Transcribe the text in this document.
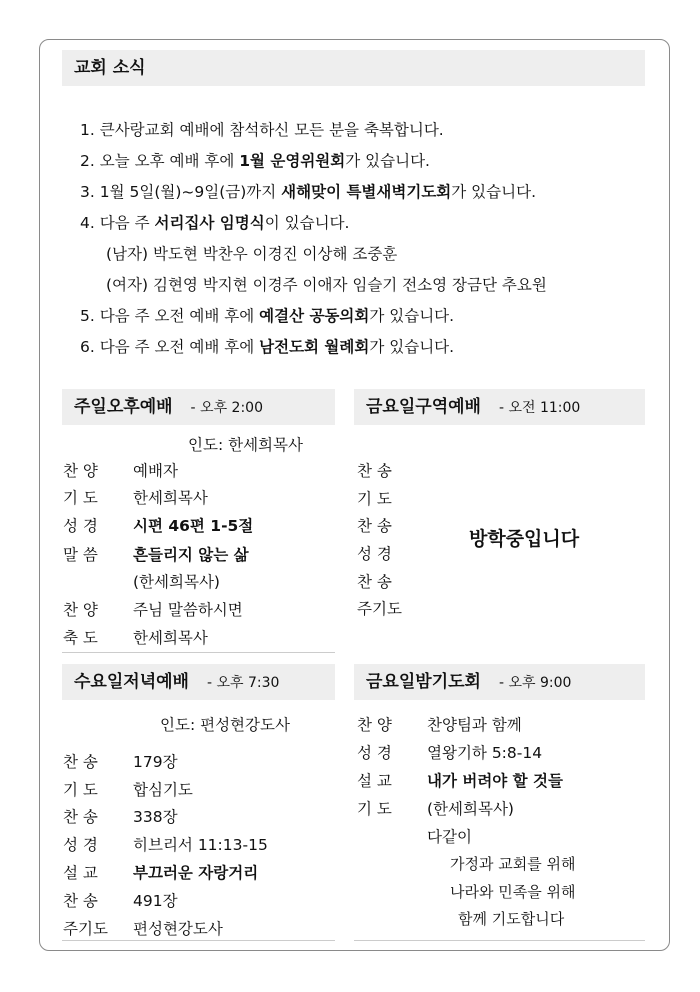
교회 소식
1. 큰사랑교회 예배에 참석하신 모든 분을 축복합니다.
2. 오늘 오후 예배 후에 1월 운영위원회가 있습니다.
3. 1월 5일(월)~9일(금)까지 새해맞이 특별새벽기도회가 있습니다.
4. 다음 주 서리집사 임명식이 있습니다.
(남자) 박도현 박찬우 이경진 이상해 조중훈
(여자) 김현영 박지현 이경주 이애자 임슬기 전소영 장금단 추요원
5. 다음 주 오전 예배 후에 예결산 공동의회가 있습니다.
6. 다음 주 오전 예배 후에 남전도회 월례회가 있습니다.
주일오후예배 - 오후 2:00
인도: 한세희목사
찬 양 예배자
기 도 한세희목사
성 경 시편 46편 1-5절
말 씀 흔들리지 않는 삶
(한세희목사)
찬 양 주님 말씀하시면
축 도 한세희목사
금요일구역예배 - 오전 11:00
찬 송
기 도
찬 송
성 경
찬 송
주기도
방학중입니다
수요일저녁예배 - 오후 7:30
인도: 편성현강도사
찬 송 179장
기 도 합심기도
찬 송 338장
성 경 히브리서 11:13-15
설 교 부끄러운 자랑거리
찬 송 491장
주기도 편성현강도사
금요일밤기도회 - 오후 9:00
찬 양 찬양팀과 함께
성 경 열왕기하 5:8-14
설 교 내가 버려야 할 것들
기 도 (한세희목사)
다같이
가정과 교회를 위해
나라와 민족을 위해
함께 기도합니다
